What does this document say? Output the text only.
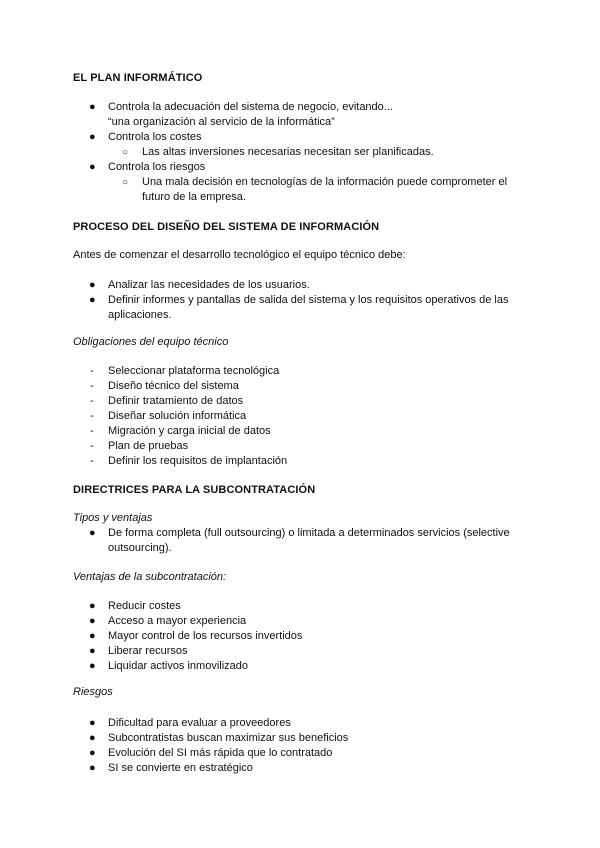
EL PLAN INFORMÁTICO
● Controla la adecuación del sistema de negocio, evitando...
“una organización al servicio de la informática”
● Controla los costes
○ Las altas inversiones necesarias necesitan ser planificadas.
● Controla los riesgos
○ Una mala decisión en tecnologías de la información puede comprometer el
futuro de la empresa.
PROCESO DEL DISEÑO DEL SISTEMA DE INFORMACIÓN
Antes de comenzar el desarrollo tecnológico el equipo técnico debe:
● Analizar las necesidades de los usuarios.
● Definir informes y pantallas de salida del sistema y los requisitos operativos de las
aplicaciones.
Obligaciones del equipo técnico
- Seleccionar plataforma tecnológica
- Diseño técnico del sistema
- Definir tratamiento de datos
- Diseñar solución informática
- Migración y carga inicial de datos
- Plan de pruebas
- Definir los requisitos de implantación
DIRECTRICES PARA LA SUBCONTRATACIÓN
Tipos y ventajas
● De forma completa (full outsourcing) o limitada a determinados servicios (selective
outsourcing).
Ventajas de la subcontratación:
● Reducir costes
● Acceso a mayor experiencia
● Mayor control de los recursos invertidos
● Liberar recursos
● Liquidar activos inmovilizado
Riesgos
● Dificultad para evaluar a proveedores
● Subcontratistas buscan maximizar sus beneficios
● Evolución del SI más rápida que lo contratado
● SI se convierte en estratégico
